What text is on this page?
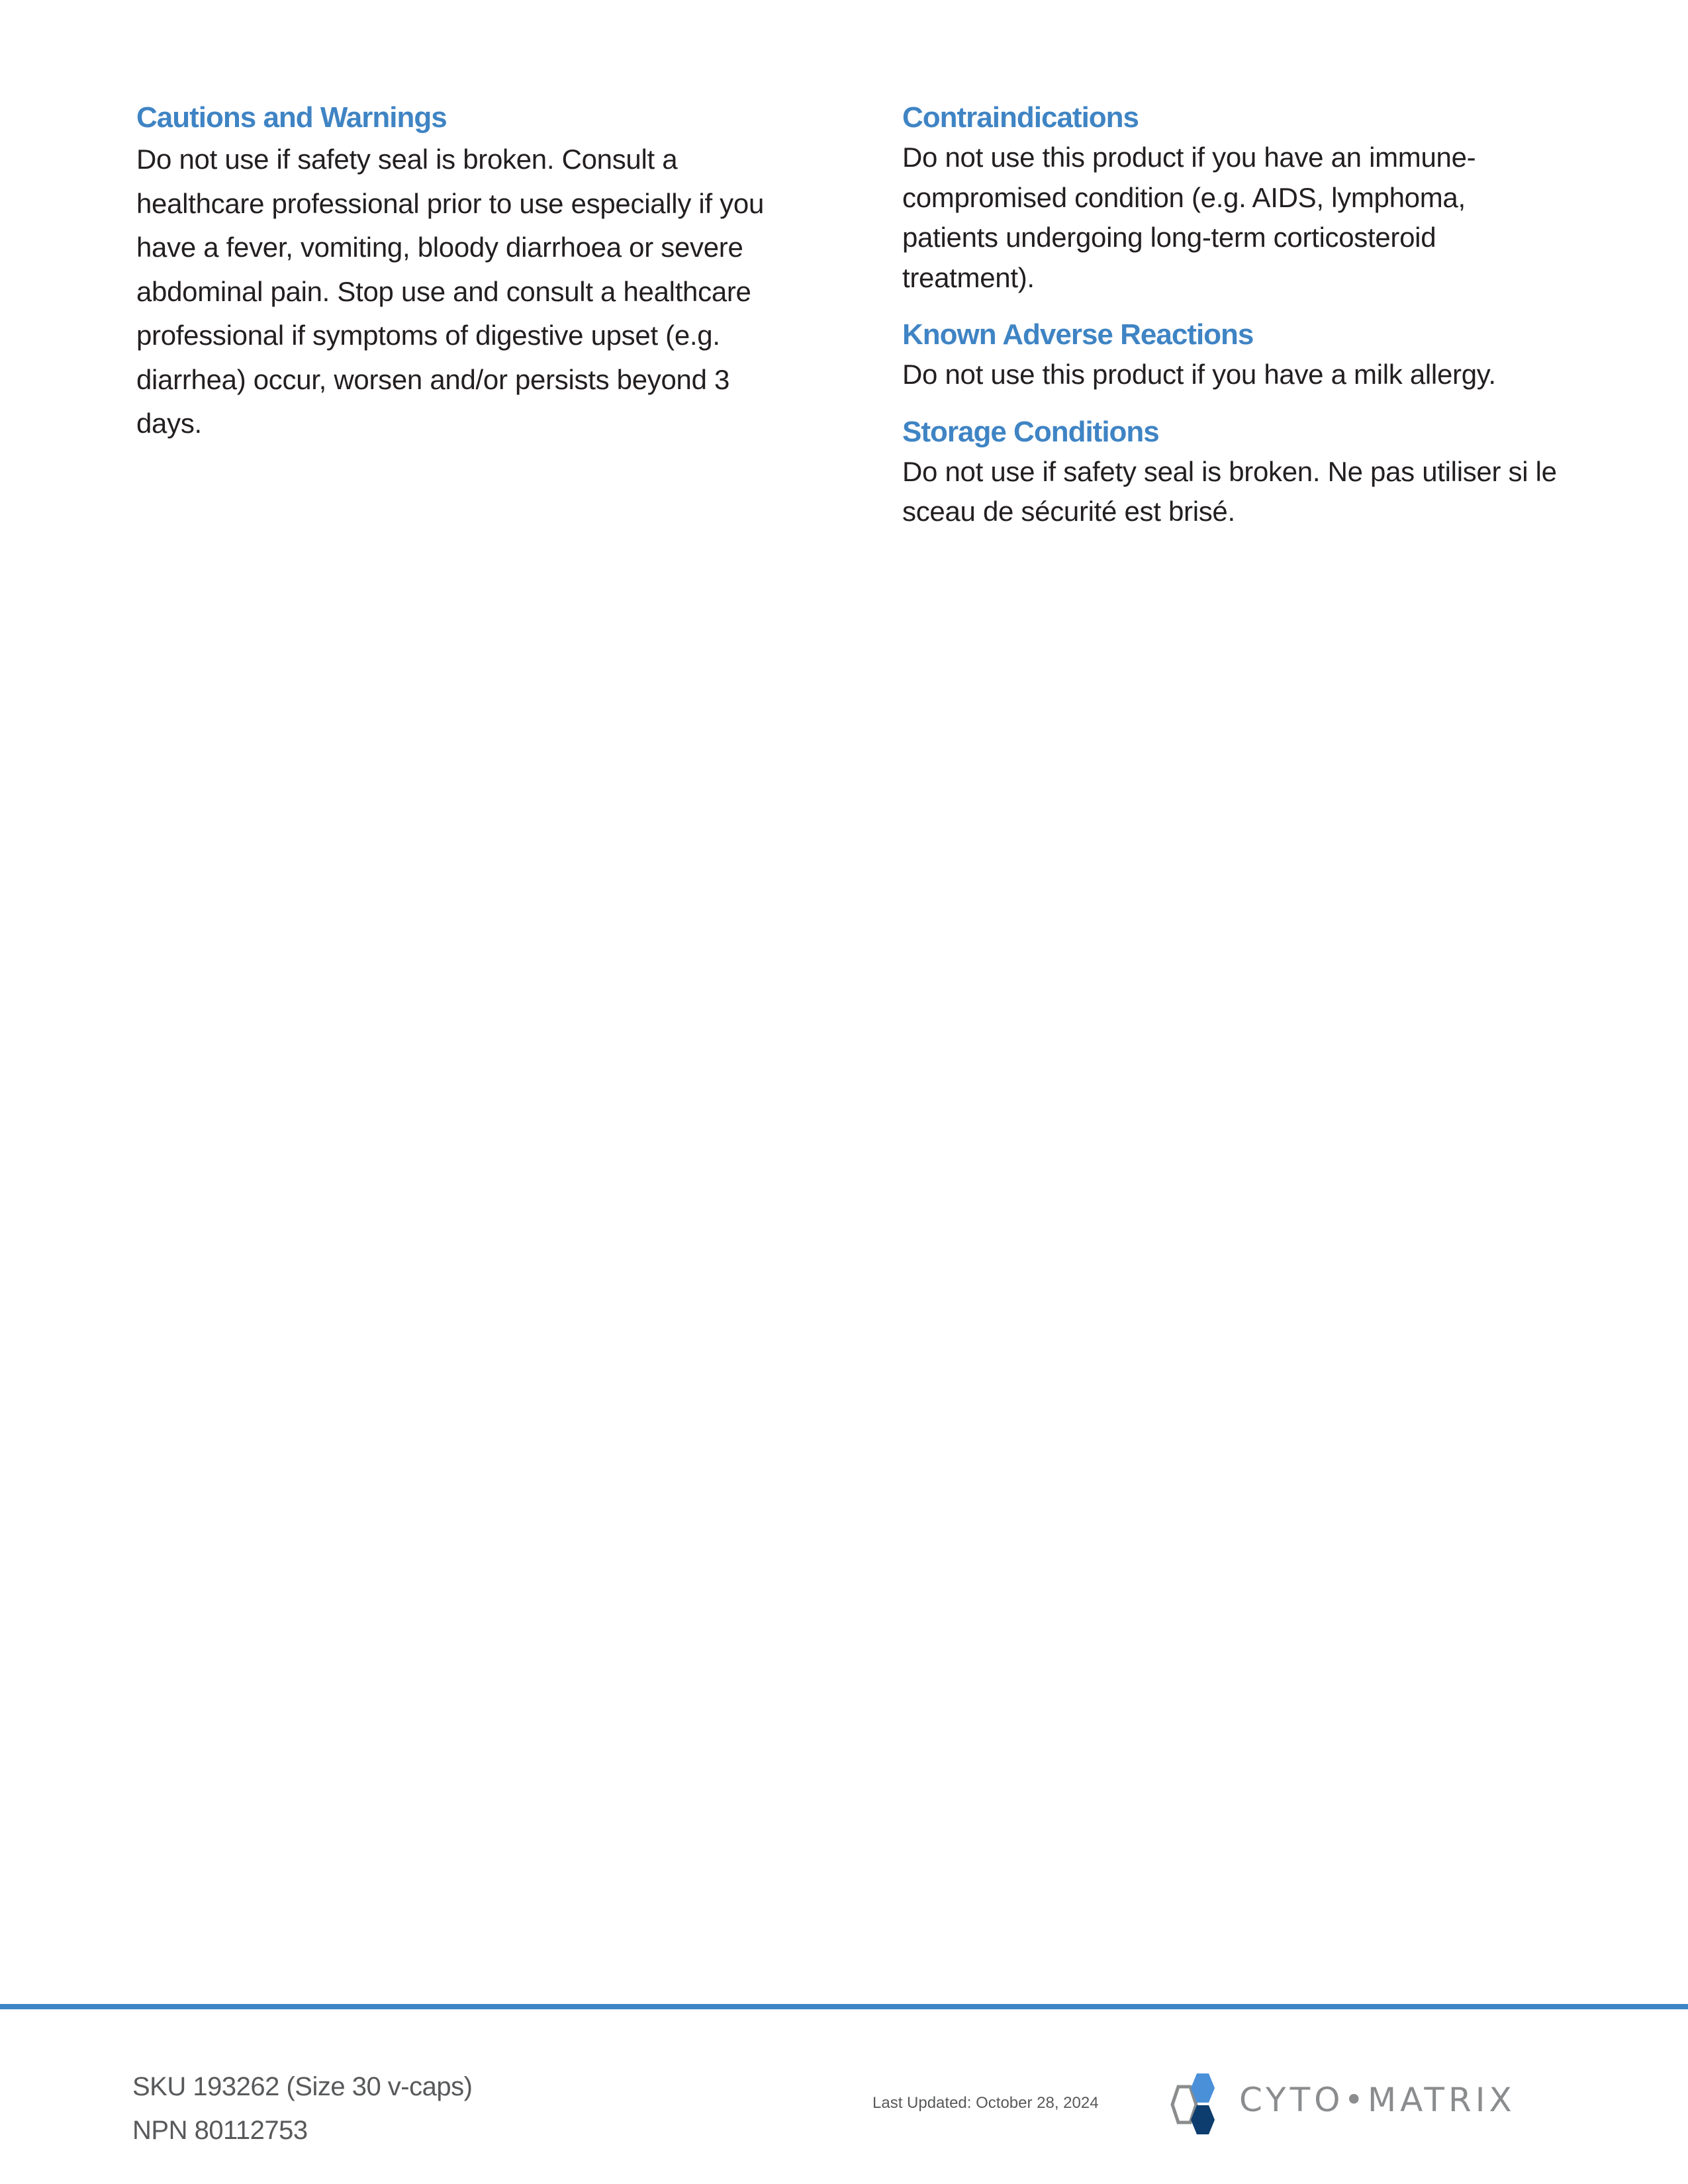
Cautions and Warnings

Do not use if safety seal is broken. Consult a
healthcare professional prior to use especially if you
have a fever, vomiting, bloody diarrhoea or severe
abdominal pain. Stop use and consult a healthcare
professional if symptoms of digestive upset (e.g.
diarrhea) occur, worsen and/or persists beyond 3
days.

Contraindications

Do not use this product if you have an immune-
compromised condition (e.g. AIDS, lymphoma,
patients undergoing long-term corticosteroid
treatment).

Known Adverse Reactions

Do not use this product if you have a milk allergy.

Storage Conditions

Do not use if safety seal is broken. Ne pas utiliser si le
sceau de sécurité est brisé.

SKU 193262 (Size 30 v-caps)
NPN 80112753
Last Updated: October 28, 2024	CYTO•MATRIX
